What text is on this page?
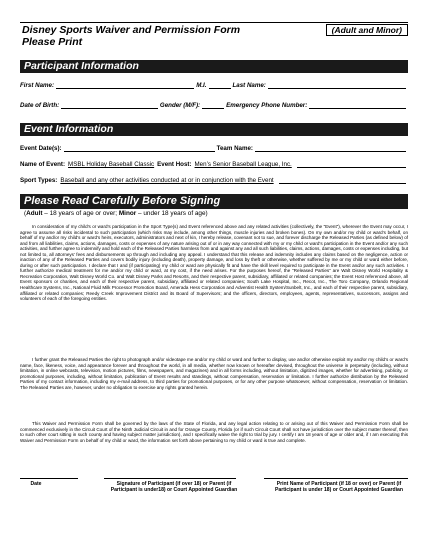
Disney Sports Waiver and Permission Form	(Adult and Minor)
Please Print
Participant Information
First Name:	M.I.	Last Name:
Date of Birth:	Gender (M/F):	Emergency Phone Number:
Event Information
Event Date(s):	Team Name:
Name of Event: MSBL Holiday Baseball Classic Event Host: Men’s Senior Baseball League, Inc.
Sport Types: Baseball and any other activities conducted at or in conjunction with the Event
Please Read Carefully Before Signing
(Adult – 18 years of age or over; Minor – under 18 years of age)
In consideration of my child’s or ward’s participation in the Sport Type(s) and Event referenced above and any related activities (collectively, the “Event”), wherever the Event may occur, I agree to assume all risks incidental to such participation (which risks may include, among other things, muscle injuries and broken bones). On my own and/or my child or ward’s behalf, on behalf of my and/or my child’s or ward’s heirs, executors, administrators and next of kin, I hereby release, covenant not to sue, and forever discharge the Released Parties (as defined below) of and from all liabilities, claims, actions, damages, costs or expenses of any nature arising out of or in any way connected with my or my child or ward’s participation in the Event and/or any such activities, and further agree to indemnify and hold each of the Released Parties harmless from and against any and all such liabilities, claims, actions, damages, costs or expenses including, but not limited to, all attorneys’ fees and disbursements up through and including any appeal. I understand that this release and indemnity includes any claims based on the negligence, action or inaction of any of the Released Parties and covers bodily injury (including death), property damage, and loss by theft or otherwise, whether suffered by me or my child or ward either before, during or after such participation. I declare that I and (if participating) my child or ward are physically fit and have the skill level required to participate in the Event and/or any such activities. I further authorize medical treatment for me and/or my child or ward, at my cost, if the need arises. For the purposes hereof, the “Released Parties” are Walt Disney World Hospitality & Recreation Corporation, Walt Disney World Co. and Walt Disney Parks and Resorts, and their respective parent, subsidiary, affiliated or related companies; the Event Host referenced above, all Event sponsors or charities, and each of their respective parent, subsidiary, affiliated or related companies; South Lake Hospital, Inc., Recot, Inc., The Toro Company, Orlando Regional Healthcare Systems, Inc., National Fluid Milk Processor Promotion Board, Amerada Hess Corporation and Adventist Health System/Sunbelt, Inc., and each of their respective parent, subsidiary, affiliated or related companies; Reedy Creek Improvement District and its Board of Supervisors; and the officers, directors, employees, agents, representatives, successors, assigns and volunteers of each of the foregoing entities.
I further grant the Released Parties the right to photograph and/or videotape me and/or my child or ward and further to display, use and/or otherwise exploit my and/or my child’s or ward’s name, face, likeness, voice, and appearance forever and throughout the world, in all media, whether now known or hereafter devised, throughout the universe in perpetuity (including, without limitation, in online webcasts, television, motion pictures, films, newspapers, and magazines) and in all forms including, without limitation, digitized images, whether for advertising, publicity, or promotional purposes, including, without limitation, publication of Event results and standings, without compensation, reservation or limitation. I further authorize distribution by the Released Parties of my contact information, including my e-mail address, to third parties for promotional purposes, or for any other purpose whatsoever, without compensation, reservation or limitation. The Released Parties are, however, under no obligation to exercise any rights granted herein.
This Waiver and Permission Form shall be governed by the laws of the State of Florida, and any legal action relating to or arising out of this Waiver and Permission Form shall be commenced exclusively in the Circuit Court of the Ninth Judicial Circuit in and for Orange County, Florida (or if such Circuit Court shall not have jurisdiction over the subject matter thereof, then to such other court sitting in such county and having subject matter jurisdiction), and I specifically waive the right to trial by jury. I certify I am 18 years of age or older and, if I am executing this Waiver and Permission Form on behalf of my child or ward, the information set forth above pertaining to my child or ward is true and complete.
Date	Signature of Participant (if over 18) or Parent (if Participant is under18) or Court Appointed Guardian
Print Name of Participant (if 18 or over) or Parent (if Participant is under 18) or Court Appointed Guardian
